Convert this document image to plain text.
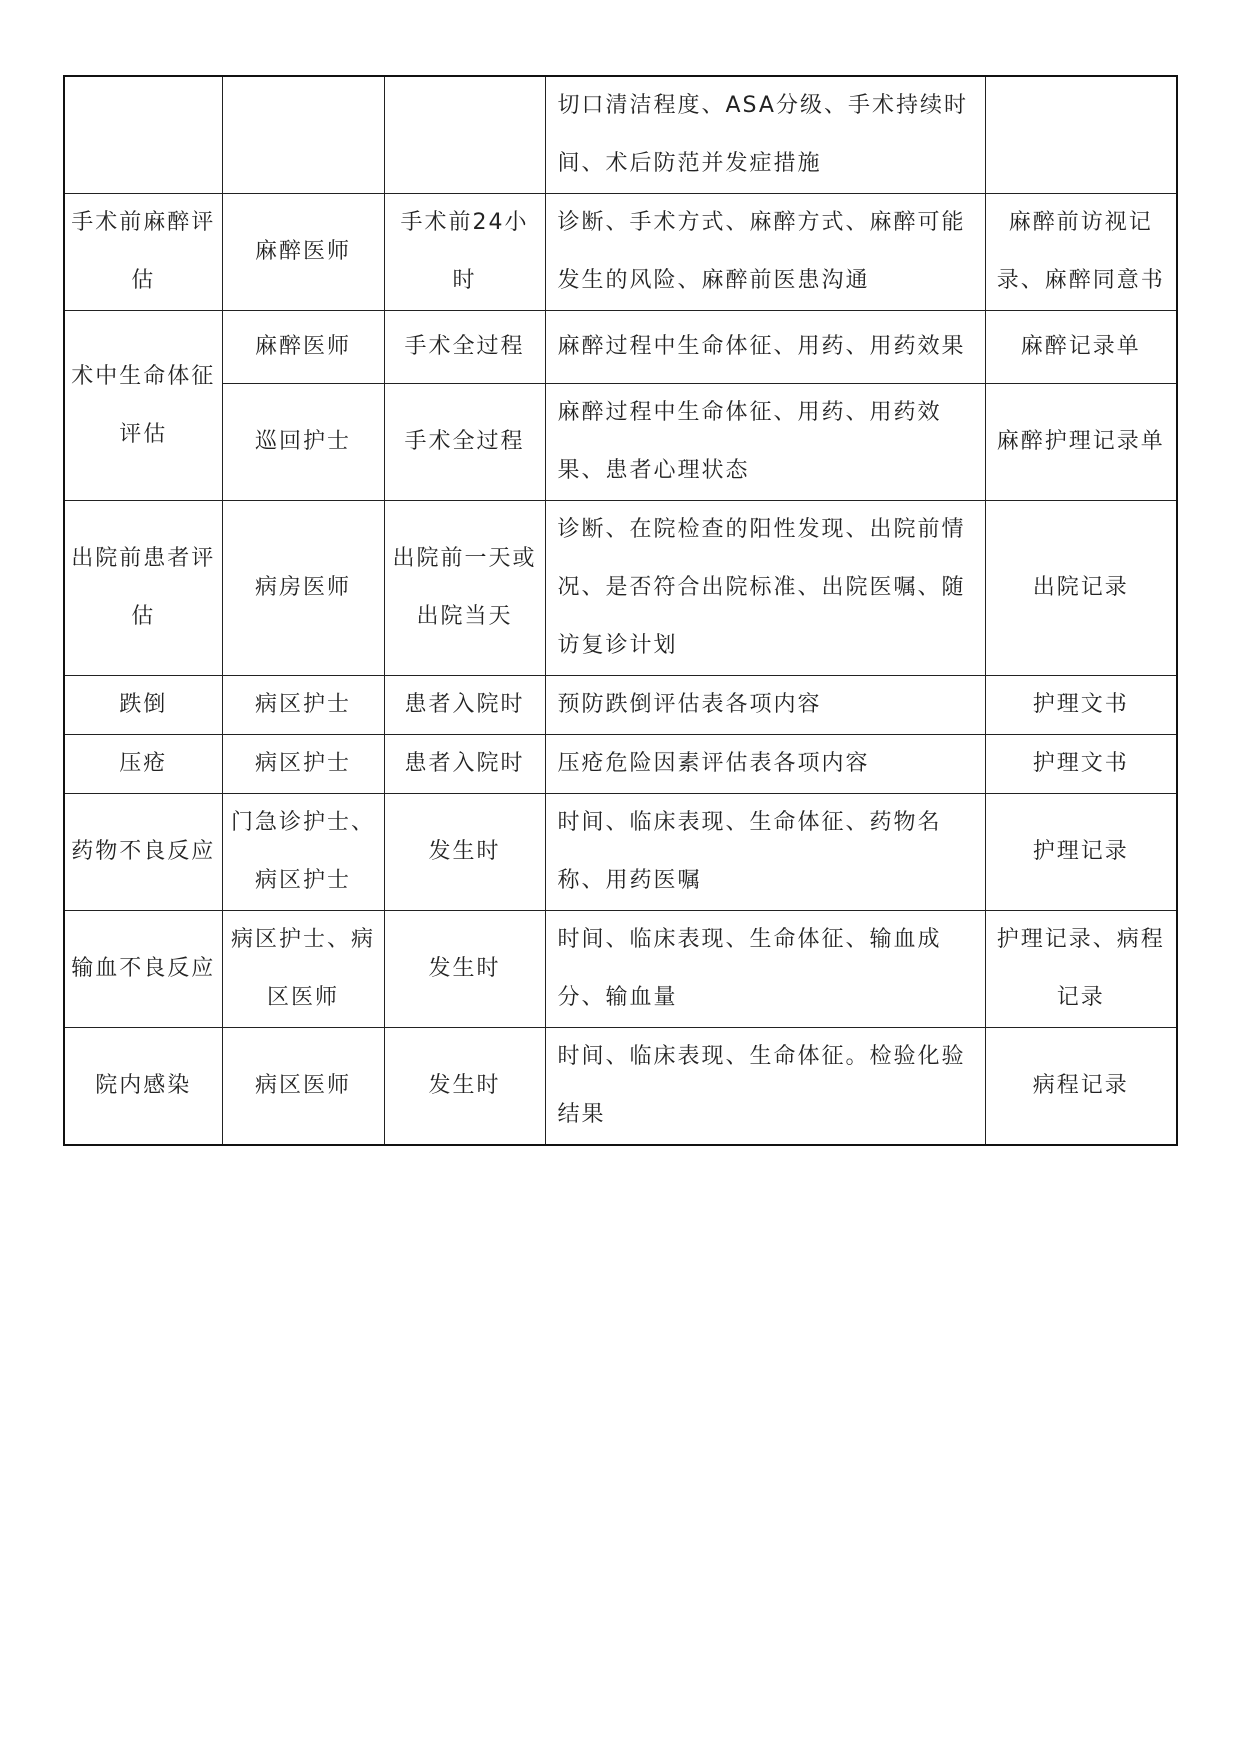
			切口清洁程度、ASA分级、手术持续时间、术后防范并发症措施	
手术前麻醉评估	麻醉医师	手术前24小时	诊断、手术方式、麻醉方式、麻醉可能发生的风险、麻醉前医患沟通	麻醉前访视记录、麻醉同意书
术中生命体征评估	麻醉医师	手术全过程	麻醉过程中生命体征、用药、用药效果	麻醉记录单
	巡回护士	手术全过程	麻醉过程中生命体征、用药、用药效果、患者心理状态	麻醉护理记录单
出院前患者评估	病房医师	出院前一天或出院当天	诊断、在院检查的阳性发现、出院前情况、是否符合出院标准、出院医嘱、随访复诊计划	出院记录
跌倒	病区护士	患者入院时	预防跌倒评估表各项内容	护理文书
压疮	病区护士	患者入院时	压疮危险因素评估表各项内容	护理文书
药物不良反应	门急诊护士、病区护士	发生时	时间、临床表现、生命体征、药物名称、用药医嘱	护理记录
输血不良反应	病区护士、病区医师	发生时	时间、临床表现、生命体征、输血成分、输血量	护理记录、病程记录
院内感染	病区医师	发生时	时间、临床表现、生命体征。检验化验结果	病程记录
